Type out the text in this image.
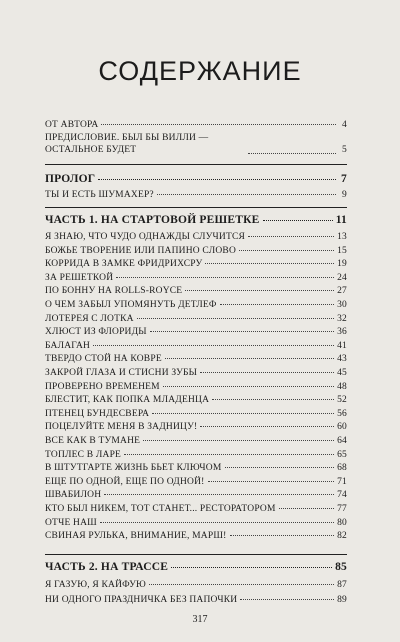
СОДЕРЖАНИЕ
ОТ АВТОРА	4
ПРЕДИСЛОВИЕ. БЫЛ БЫ ВИЛЛИ — ОСТАЛЬНОЕ БУДЕТ	5
ПРОЛОГ	7
ТЫ И ЕСТЬ ШУМАХЕР?	9
ЧАСТЬ 1. НА СТАРТОВОЙ РЕШЕТКЕ	11
Я ЗНАЮ, ЧТО ЧУДО ОДНАЖДЫ СЛУЧИТСЯ	13
БОЖЬЕ ТВОРЕНИЕ ИЛИ ПАПИНО СЛОВО	15
КОРРИДА В ЗАМКЕ ФРИДРИХСРУ	19
ЗА РЕШЕТКОЙ	24
ПО БОННУ НА ROLLS-ROYCE	27
О ЧЕМ ЗАБЫЛ УПОМЯНУТЬ ДЕТЛЕФ	30
ЛОТЕРЕЯ С ЛОТКА	32
ХЛЮСТ ИЗ ФЛОРИДЫ	36
БАЛАГАН	41
ТВЕРДО СТОЙ НА КОВРЕ	43
ЗАКРОЙ ГЛАЗА И СТИСНИ ЗУБЫ	45
ПРОВЕРЕНО ВРЕМЕНЕМ	48
БЛЕСТИТ, КАК ПОПКА МЛАДЕНЦА	52
ПТЕНЕЦ БУНДЕСВЕРА	56
ПОЦЕЛУЙТЕ МЕНЯ В ЗАДНИЦУ!	60
ВСЕ КАК В ТУМАНЕ	64
ТОПЛЕС В ЛАРЕ	65
В ШТУТГАРТЕ ЖИЗНЬ БЬЕТ КЛЮЧОМ	68
ЕЩЕ ПО ОДНОЙ, ЕЩЕ ПО ОДНОЙ!	71
ШВАБИЛОН	74
КТО БЫЛ НИКЕМ, ТОТ СТАНЕТ... РЕСТОРАТОРОМ	77
ОТЧЕ НАШ	80
СВИНАЯ РУЛЬКА, ВНИМАНИЕ, МАРШ!	82
ЧАСТЬ 2. НА ТРАССЕ	85
Я ГАЗУЮ, Я КАЙФУЮ	87
НИ ОДНОГО ПРАЗДНИЧКА БЕЗ ПАПОЧКИ	89
317
